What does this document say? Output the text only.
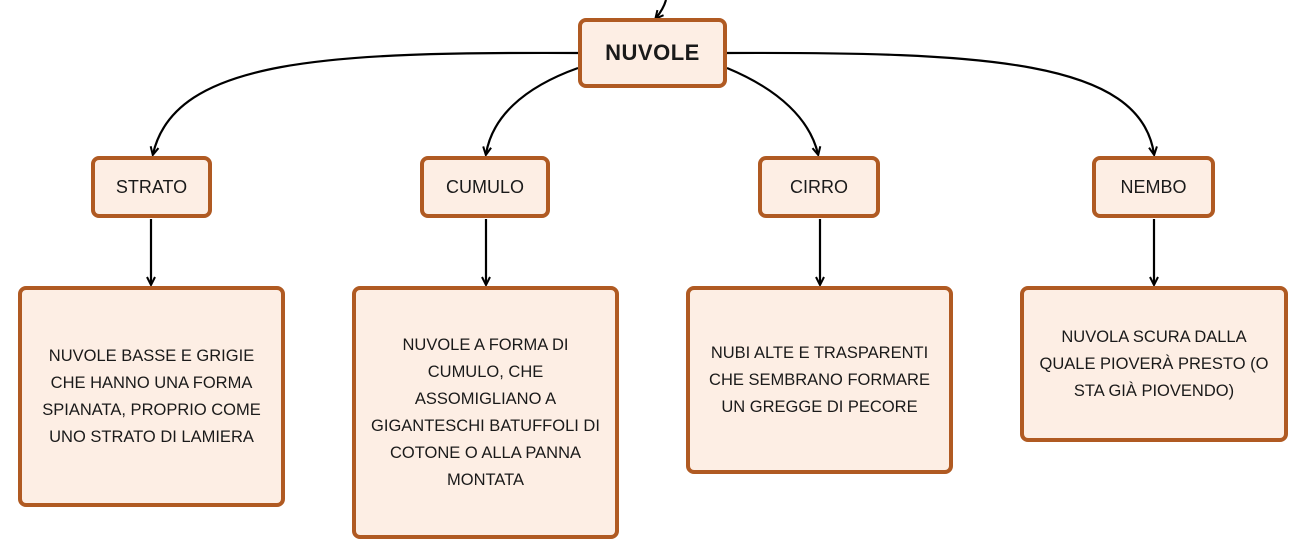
NUVOLE
STRATO	CUMULO	CIRRO	NEMBO
NUVOLE BASSE E GRIGIE CHE HANNO UNA FORMA SPIANATA, PROPRIO COME UNO STRATO DI LAMIERA
NUVOLE A FORMA DI CUMULO, CHE ASSOMIGLIANO A GIGANTESCHI BATUFFOLI DI COTONE O ALLA PANNA MONTATA
NUBI ALTE E TRASPARENTI CHE SEMBRANO FORMARE UN GREGGE DI PECORE
NUVOLA SCURA DALLA QUALE PIOVERÀ PRESTO (O STA GIÀ PIOVENDO)
